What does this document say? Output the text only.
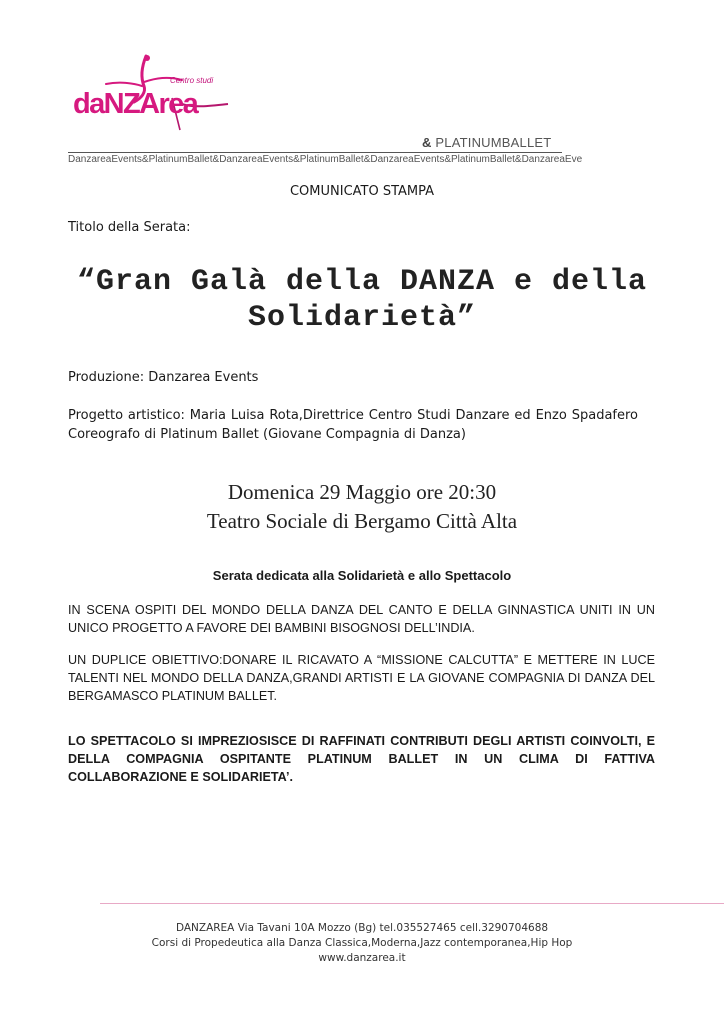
Centro studi
daNZArea
& PLATINUMBALLET
DanzareaEvents&PlatinumBallet&DanzareaEvents&PlatinumBallet&DanzareaEvents&PlatinumBallet&DanzareaEve
COMUNICATO STAMPA
Titolo della Serata:
“Gran Galà della DANZA e della
Solidarietà”
Produzione: Danzarea Events
Progetto artistico: Maria Luisa Rota,Direttrice Centro Studi Danzare ed Enzo Spadafero Coreografo di Platinum Ballet (Giovane Compagnia di Danza)
Domenica 29 Maggio ore 20:30
Teatro Sociale di Bergamo Città Alta
Serata dedicata alla Solidarietà e allo Spettacolo
IN SCENA OSPITI DEL MONDO DELLA DANZA DEL CANTO E DELLA GINNASTICA UNITI IN UN UNICO PROGETTO A FAVORE DEI BAMBINI BISOGNOSI DELL’INDIA.
UN DUPLICE OBIETTIVO:DONARE IL RICAVATO A “MISSIONE CALCUTTA” E METTERE IN LUCE TALENTI NEL MONDO DELLA DANZA,GRANDI ARTISTI E LA GIOVANE COMPAGNIA DI DANZA DEL BERGAMASCO PLATINUM BALLET.
LO SPETTACOLO SI IMPREZIOSISCE DI RAFFINATI CONTRIBUTI DEGLI ARTISTI COINVOLTI, E DELLA COMPAGNIA OSPITANTE PLATINUM BALLET IN UN CLIMA DI FATTIVA COLLABORAZIONE E SOLIDARIETA’.
DANZAREA Via Tavani 10A Mozzo (Bg) tel.035527465 cell.3290704688
Corsi di Propedeutica alla Danza Classica,Moderna,Jazz contemporanea,Hip Hop
www.danzarea.it
